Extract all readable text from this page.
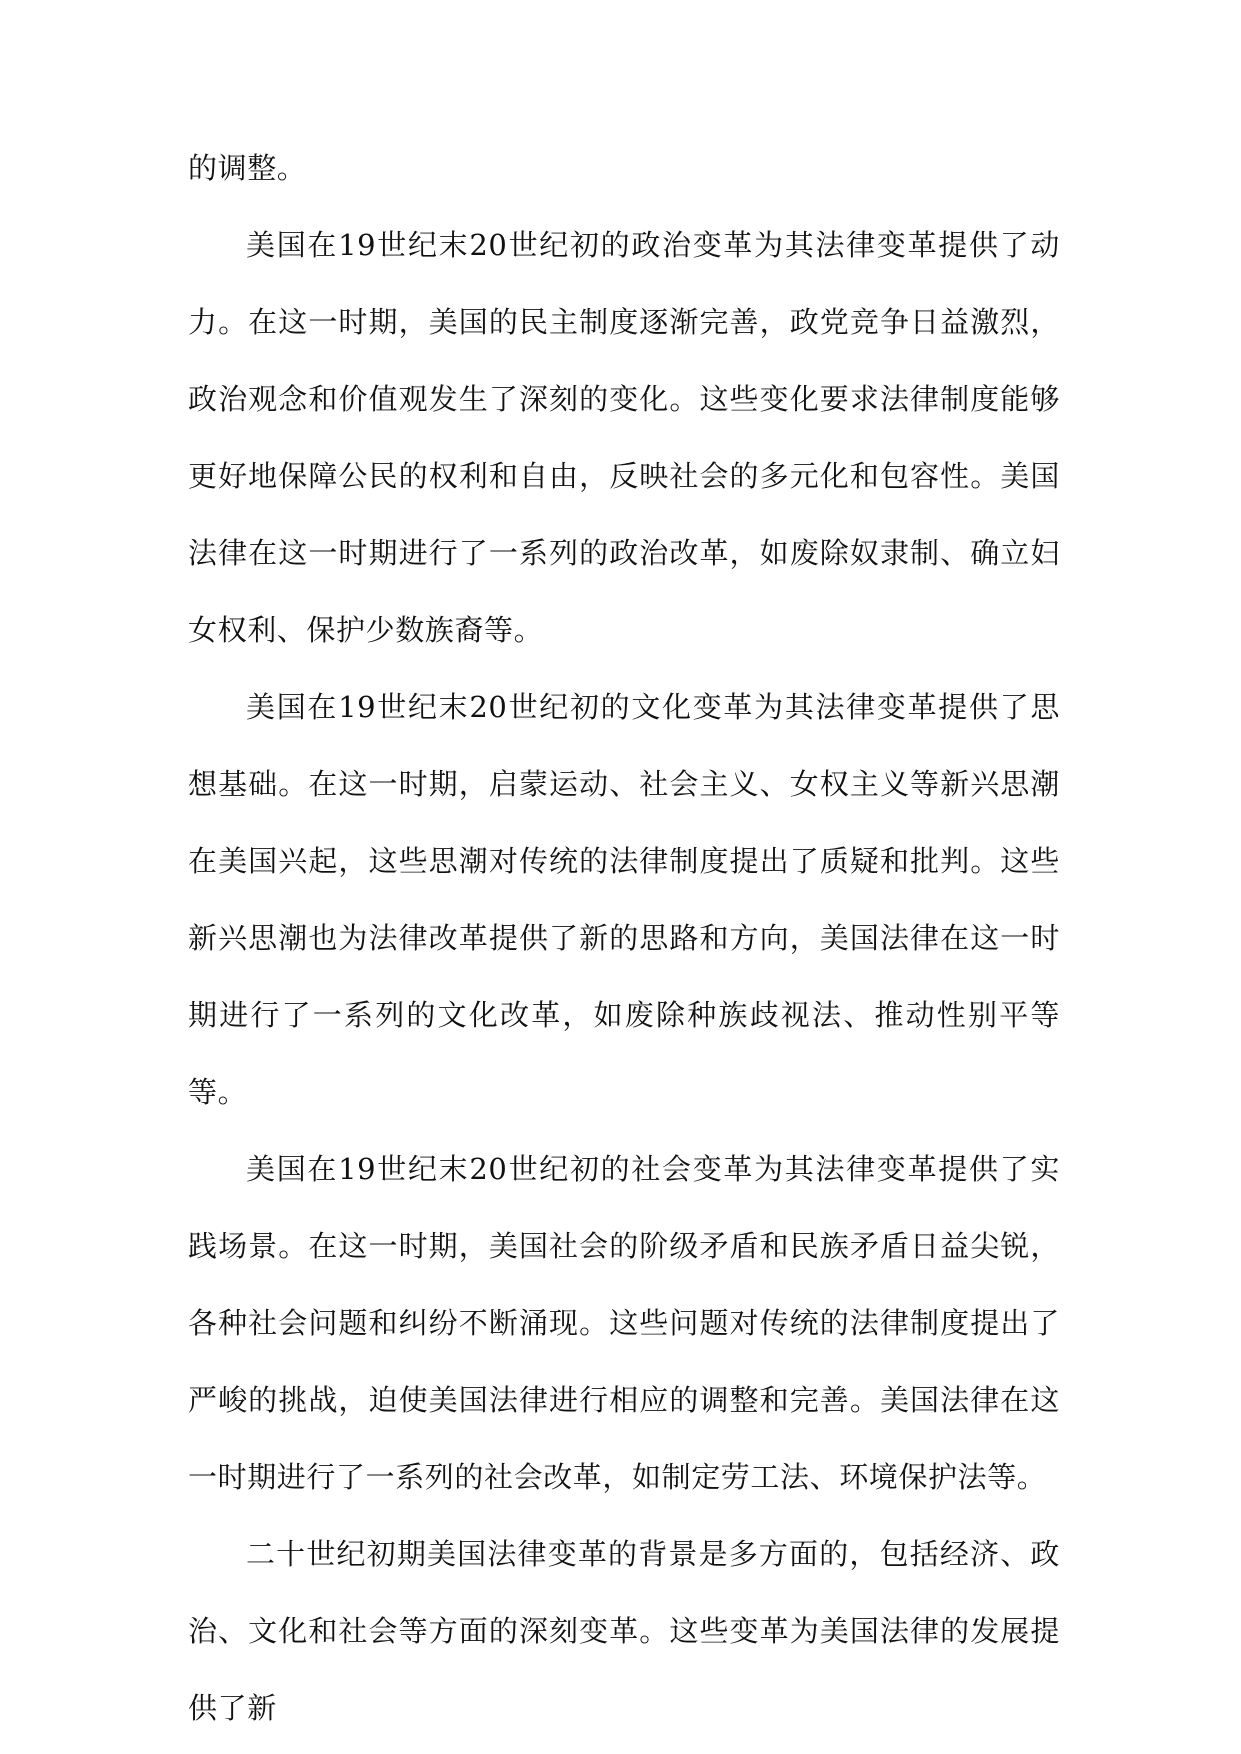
的调整。

美国在19世纪末20世纪初的政治变革为其法律变革提供了动力。在这一时期，美国的民主制度逐渐完善，政党竞争日益激烈，政治观念和价值观发生了深刻的变化。这些变化要求法律制度能够更好地保障公民的权利和自由，反映社会的多元化和包容性。美国法律在这一时期进行了一系列的政治改革，如废除奴隶制、确立妇女权利、保护少数族裔等。

美国在19世纪末20世纪初的文化变革为其法律变革提供了思想基础。在这一时期，启蒙运动、社会主义、女权主义等新兴思潮在美国兴起，这些思潮对传统的法律制度提出了质疑和批判。这些新兴思潮也为法律改革提供了新的思路和方向，美国法律在这一时期进行了一系列的文化改革，如废除种族歧视法、推动性别平等等。

美国在19世纪末20世纪初的社会变革为其法律变革提供了实践场景。在这一时期，美国社会的阶级矛盾和民族矛盾日益尖锐，各种社会问题和纠纷不断涌现。这些问题对传统的法律制度提出了严峻的挑战，迫使美国法律进行相应的调整和完善。美国法律在这一时期进行了一系列的社会改革，如制定劳工法、环境保护法等。

二十世纪初期美国法律变革的背景是多方面的，包括经济、政治、文化和社会等方面的深刻变革。这些变革为美国法律的发展提供了新
